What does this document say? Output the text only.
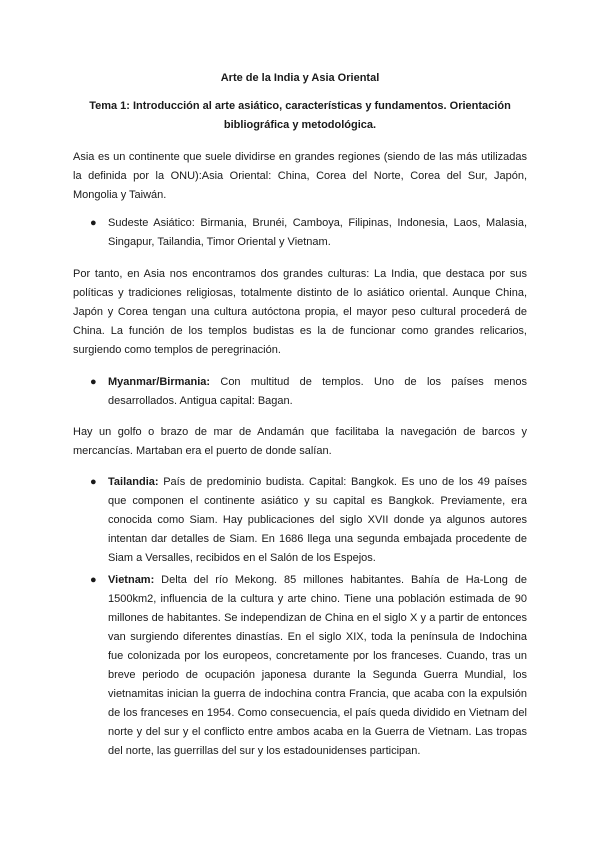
Arte de la India y Asia Oriental
Tema 1: Introducción al arte asiático, características y fundamentos. Orientación bibliográfica y metodológica.
Asia es un continente que suele dividirse en grandes regiones (siendo de las más utilizadas la definida por la ONU):Asia Oriental: China, Corea del Norte, Corea del Sur, Japón, Mongolia y Taiwán.
● Sudeste Asiático: Birmania, Brunéi, Camboya, Filipinas, Indonesia, Laos, Malasia, Singapur, Tailandia, Timor Oriental y Vietnam.
Por tanto, en Asia nos encontramos dos grandes culturas: La India, que destaca por sus políticas y tradiciones religiosas, totalmente distinto de lo asiático oriental. Aunque China, Japón y Corea tengan una cultura autóctona propia, el mayor peso cultural procederá de China. La función de los templos budistas es la de funcionar como grandes relicarios, surgiendo como templos de peregrinación.
● Myanmar/Birmania: Con multitud de templos. Uno de los países menos desarrollados. Antigua capital: Bagan.
Hay un golfo o brazo de mar de Andamán que facilitaba la navegación de barcos y mercancías. Martaban era el puerto de donde salían.
● Tailandia: País de predominio budista. Capital: Bangkok. Es uno de los 49 países que componen el continente asiático y su capital es Bangkok. Previamente, era conocida como Siam. Hay publicaciones del siglo XVII donde ya algunos autores intentan dar detalles de Siam. En 1686 llega una segunda embajada procedente de Siam a Versalles, recibidos en el Salón de los Espejos.
● Vietnam: Delta del río Mekong. 85 millones habitantes. Bahía de Ha-Long de 1500km2, influencia de la cultura y arte chino. Tiene una población estimada de 90 millones de habitantes. Se independizan de China en el siglo X y a partir de entonces van surgiendo diferentes dinastías. En el siglo XIX, toda la península de Indochina fue colonizada por los europeos, concretamente por los franceses. Cuando, tras un breve periodo de ocupación japonesa durante la Segunda Guerra Mundial, los vietnamitas inician la guerra de indochina contra Francia, que acaba con la expulsión de los franceses en 1954. Como consecuencia, el país queda dividido en Vietnam del norte y del sur y el conflicto entre ambos acaba en la Guerra de Vietnam. Las tropas del norte, las guerrillas del sur y los estadounidenses participan.
